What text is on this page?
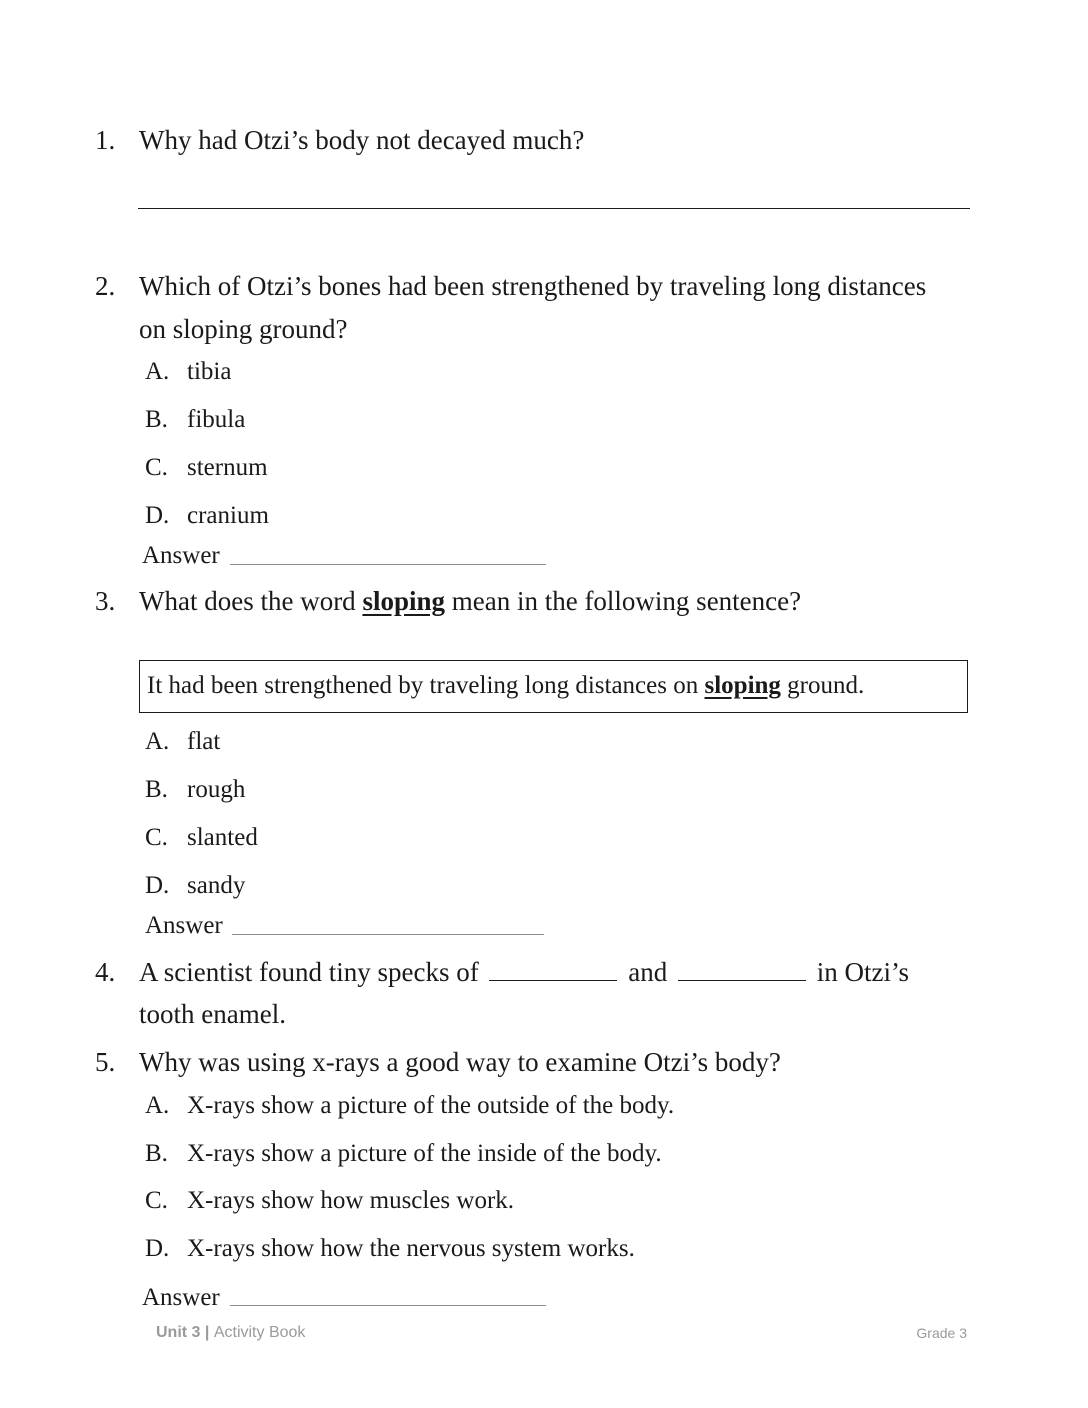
1. Why had Otzi’s body not decayed much?
2. Which of Otzi’s bones had been strengthened by traveling long distances
on sloping ground?
A. tibia
B. fibula
C. sternum
D. cranium
Answer
3. What does the word sloping mean in the following sentence?
It had been strengthened by traveling long distances on sloping ground.
A. flat
B. rough
C. slanted
D. sandy
Answer
4. A scientist found tiny specks of	and	in Otzi’s
tooth enamel.
5. Why was using x-rays a good way to examine Otzi’s body?
A. X-rays show a picture of the outside of the body.
B. X-rays show a picture of the inside of the body.
C. X-rays show how muscles work.
D. X-rays show how the nervous system works.
Answer
Unit 3 | Activity Book	Grade 3
